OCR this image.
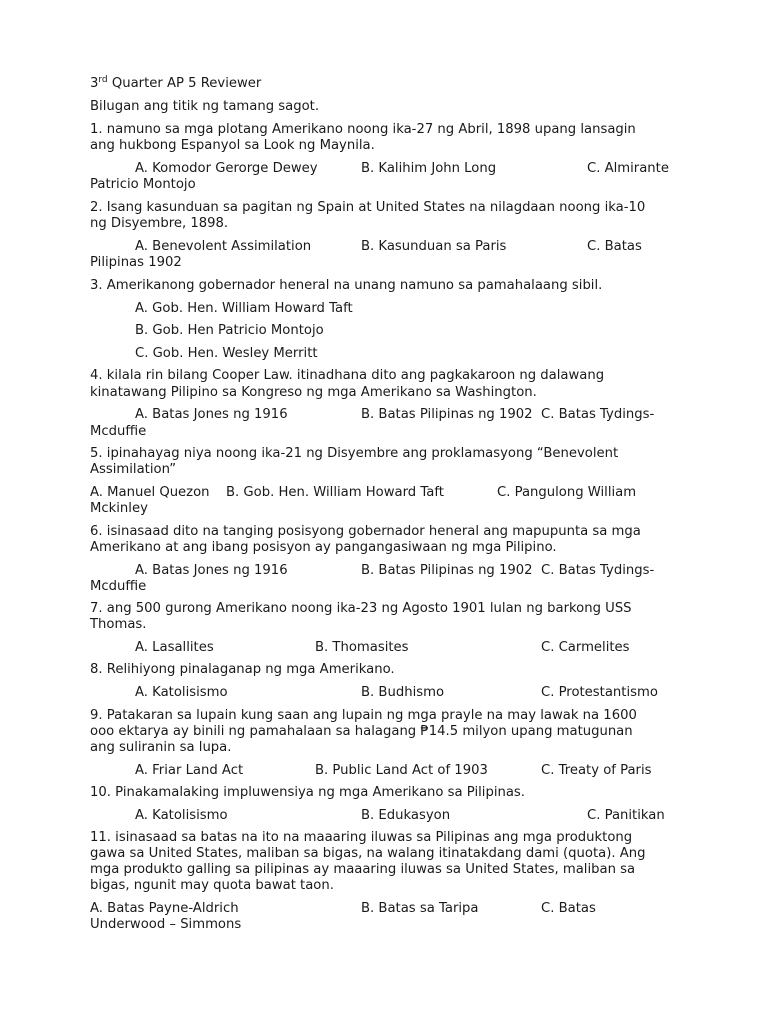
3rd Quarter AP 5 Reviewer
Bilugan ang titik ng tamang sagot.
1. namuno sa mga plotang Amerikano noong ika-27 ng Abril, 1898 upang lansagin
ang hukbong Espanyol sa Look ng Maynila.
A. Komodor Gerorge Dewey	B. Kalihim John Long	C. Almirante
Patricio Montojo
2. Isang kasunduan sa pagitan ng Spain at United States na nilagdaan noong ika-10
ng Disyembre, 1898.
A. Benevolent Assimilation	B. Kasunduan sa Paris	C. Batas
Pilipinas 1902
3. Amerikanong gobernador heneral na unang namuno sa pamahalaang sibil.
A. Gob. Hen. William Howard Taft
B. Gob. Hen Patricio Montojo
C. Gob. Hen. Wesley Merritt
4. kilala rin bilang Cooper Law. itinadhana dito ang pagkakaroon ng dalawang
kinatawang Pilipino sa Kongreso ng mga Amerikano sa Washington.
A. Batas Jones ng 1916	B. Batas Pilipinas ng 1902 C. Batas Tydings-
Mcduffie
5. ipinahayag niya noong ika-21 ng Disyembre ang proklamasyong “Benevolent
Assimilation”
A. Manuel Quezon B. Gob. Hen. William Howard Taft	C. Pangulong William
Mckinley
6. isinasaad dito na tanging posisyong gobernador heneral ang mapupunta sa mga
Amerikano at ang ibang posisyon ay pangangasiwaan ng mga Pilipino.
A. Batas Jones ng 1916	B. Batas Pilipinas ng 1902 C. Batas Tydings-
Mcduffie
7. ang 500 gurong Amerikano noong ika-23 ng Agosto 1901 lulan ng barkong USS
Thomas.
A. Lasallites	B. Thomasites	C. Carmelites
8. Relihiyong pinalaganap ng mga Amerikano.
A. Katolisismo	B. Budhismo	C. Protestantismo
9. Patakaran sa lupain kung saan ang lupain ng mga prayle na may lawak na 1600
ooo ektarya ay binili ng pamahalaan sa halagang ₱14.5 milyon upang matugunan
ang suliranin sa lupa.
A. Friar Land Act	B. Public Land Act of 1903	C. Treaty of Paris
10. Pinakamalaking impluwensiya ng mga Amerikano sa Pilipinas.
A. Katolisismo	B. Edukasyon	C. Panitikan
11. isinasaad sa batas na ito na maaaring iluwas sa Pilipinas ang mga produktong
gawa sa United States, maliban sa bigas, na walang itinatakdang dami (quota). Ang
mga produkto galling sa pilipinas ay maaaring iluwas sa United States, maliban sa
bigas, ngunit may quota bawat taon.
A. Batas Payne-Aldrich	B. Batas sa Taripa	C. Batas
Underwood – Simmons
